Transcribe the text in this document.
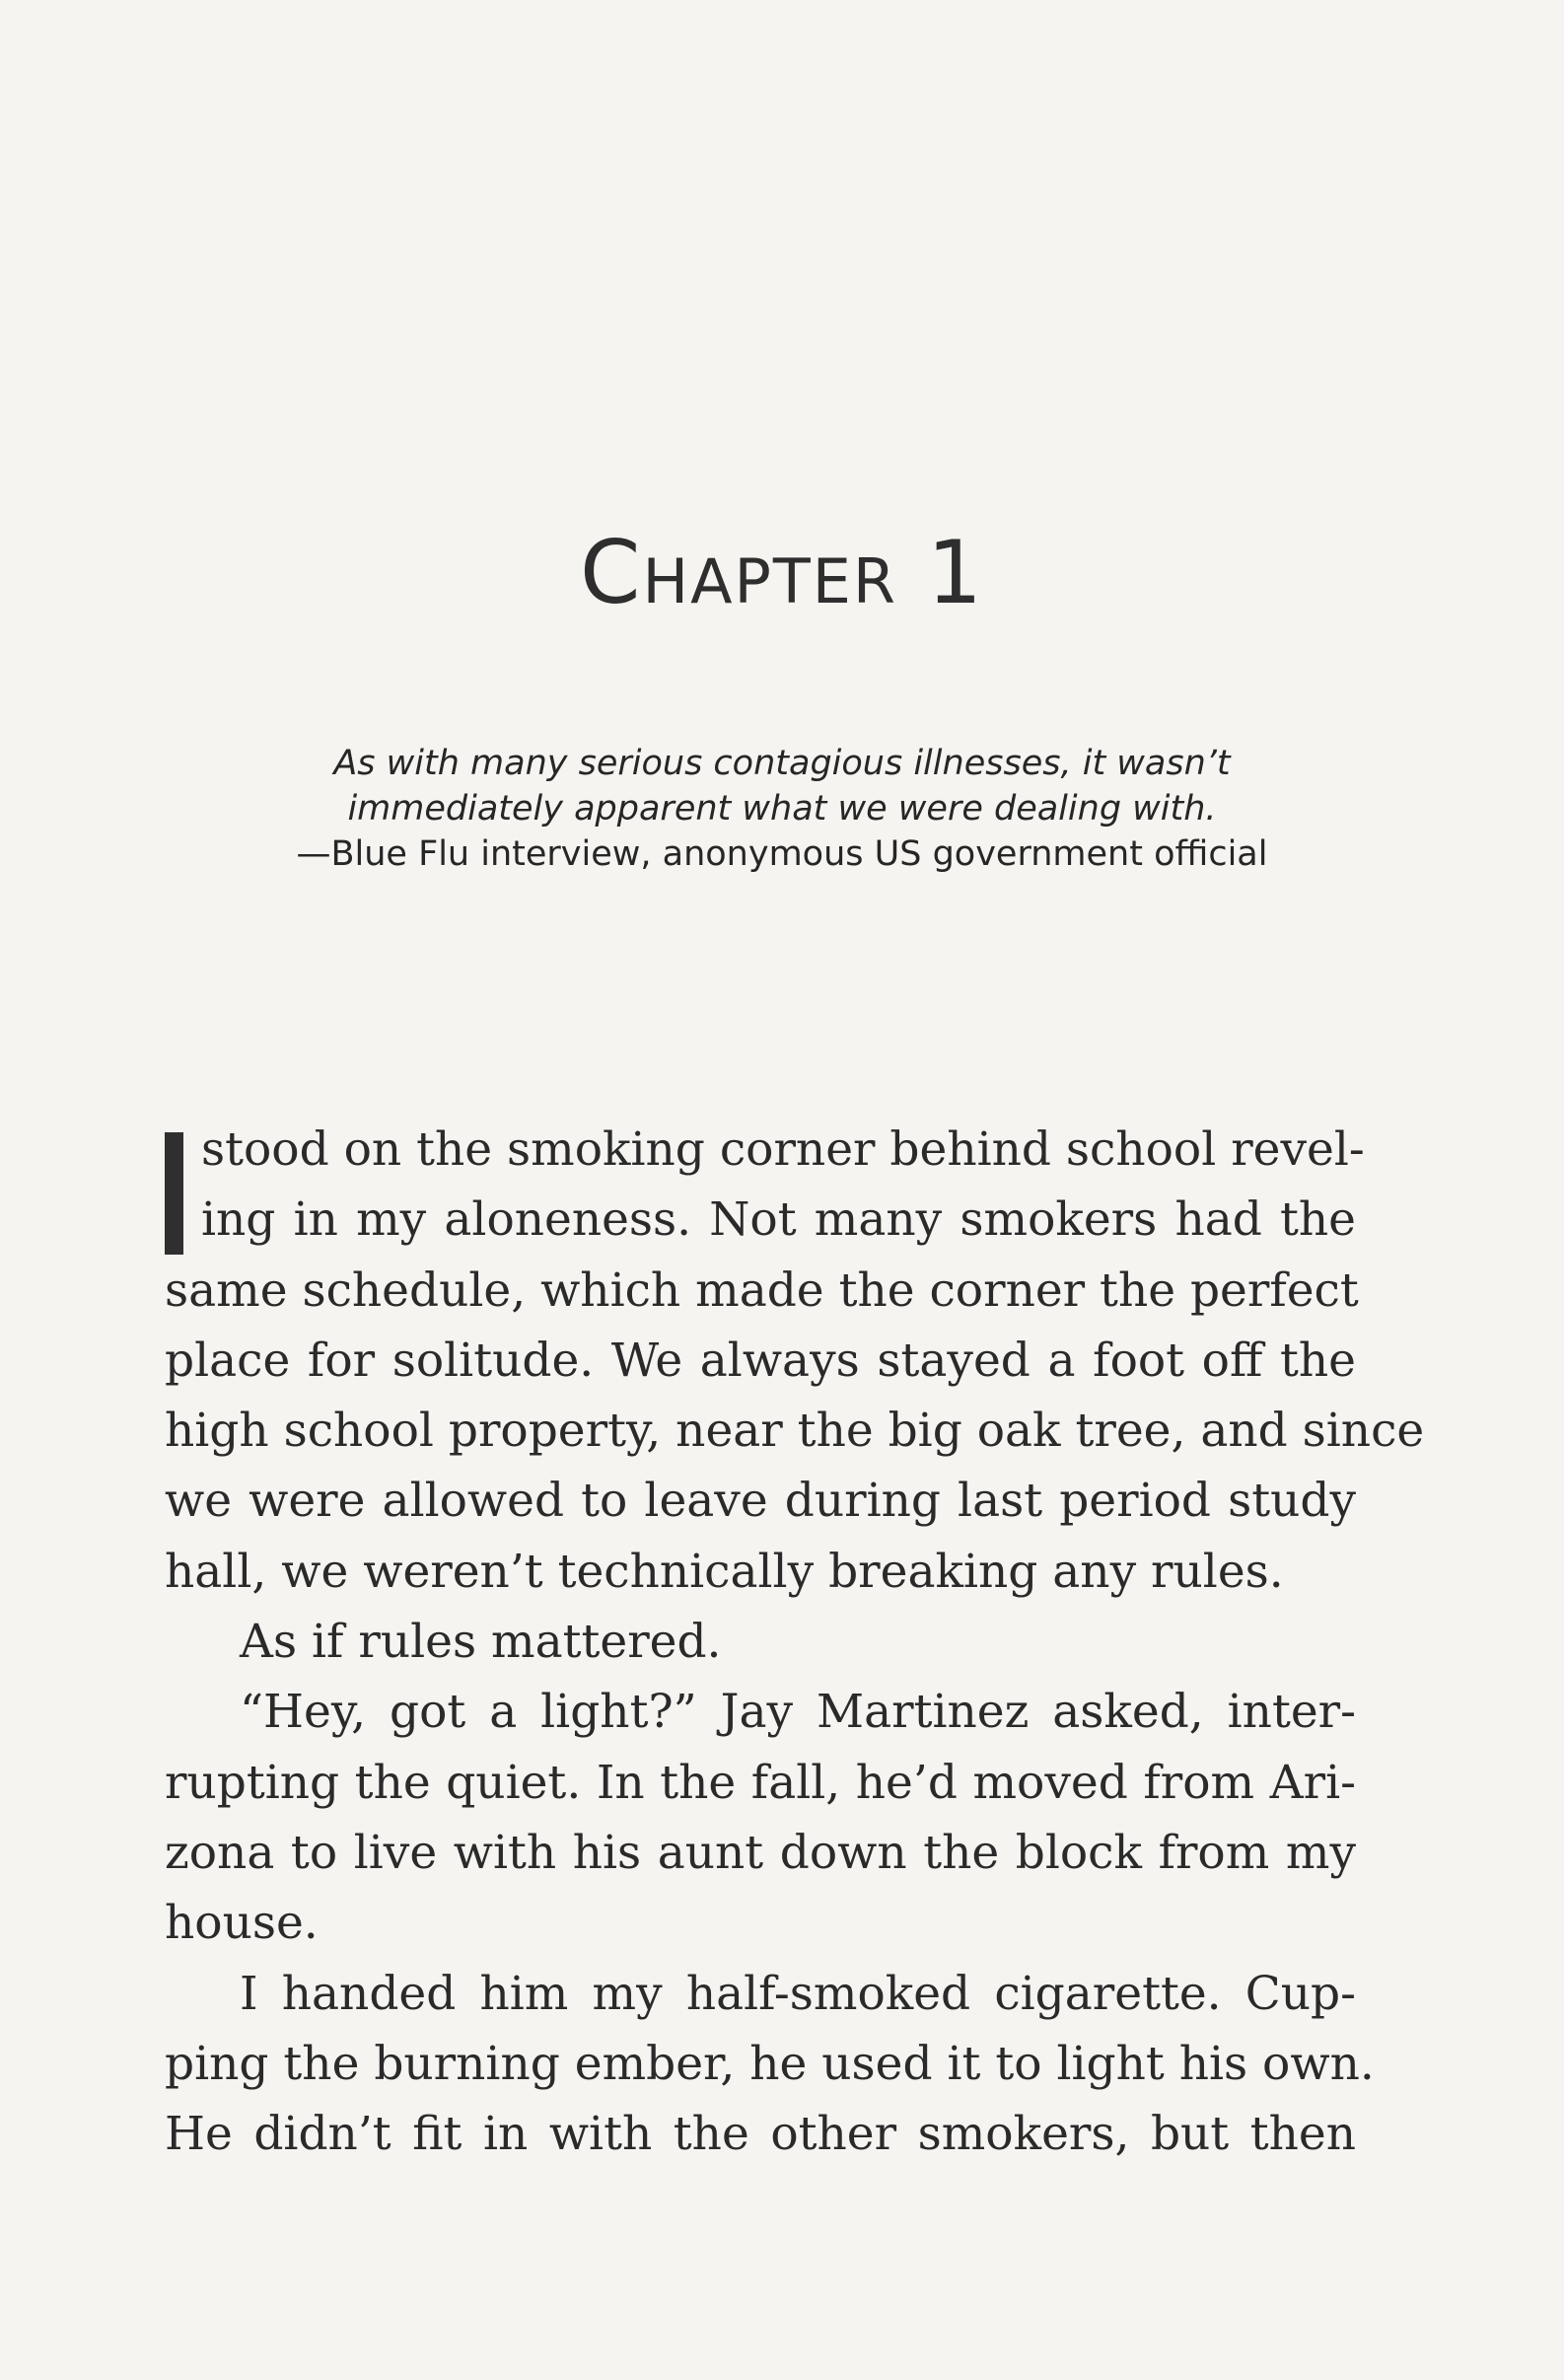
Chapter 1

As with many serious contagious illnesses, it wasn’t

immediately apparent what we were dealing with.

—Blue Flu interview, anonymous US government official

stood on the smoking corner behind school revel-
ing in my aloneness. Not many smokers had the
same schedule, which made the corner the perfect
place for solitude. We always stayed a foot off the
high school property, near the big oak tree, and since
we were allowed to leave during last period study
hall, we weren’t technically breaking any rules.
As if rules mattered.
“Hey, got a light?” Jay Martinez asked, inter-
rupting the quiet. In the fall, he’d moved from Ari-
zona to live with his aunt down the block from my
house.
I handed him my half-smoked cigarette. Cup-
ping the burning ember, he used it to light his own.
He didn’t fit in with the other smokers, but then
